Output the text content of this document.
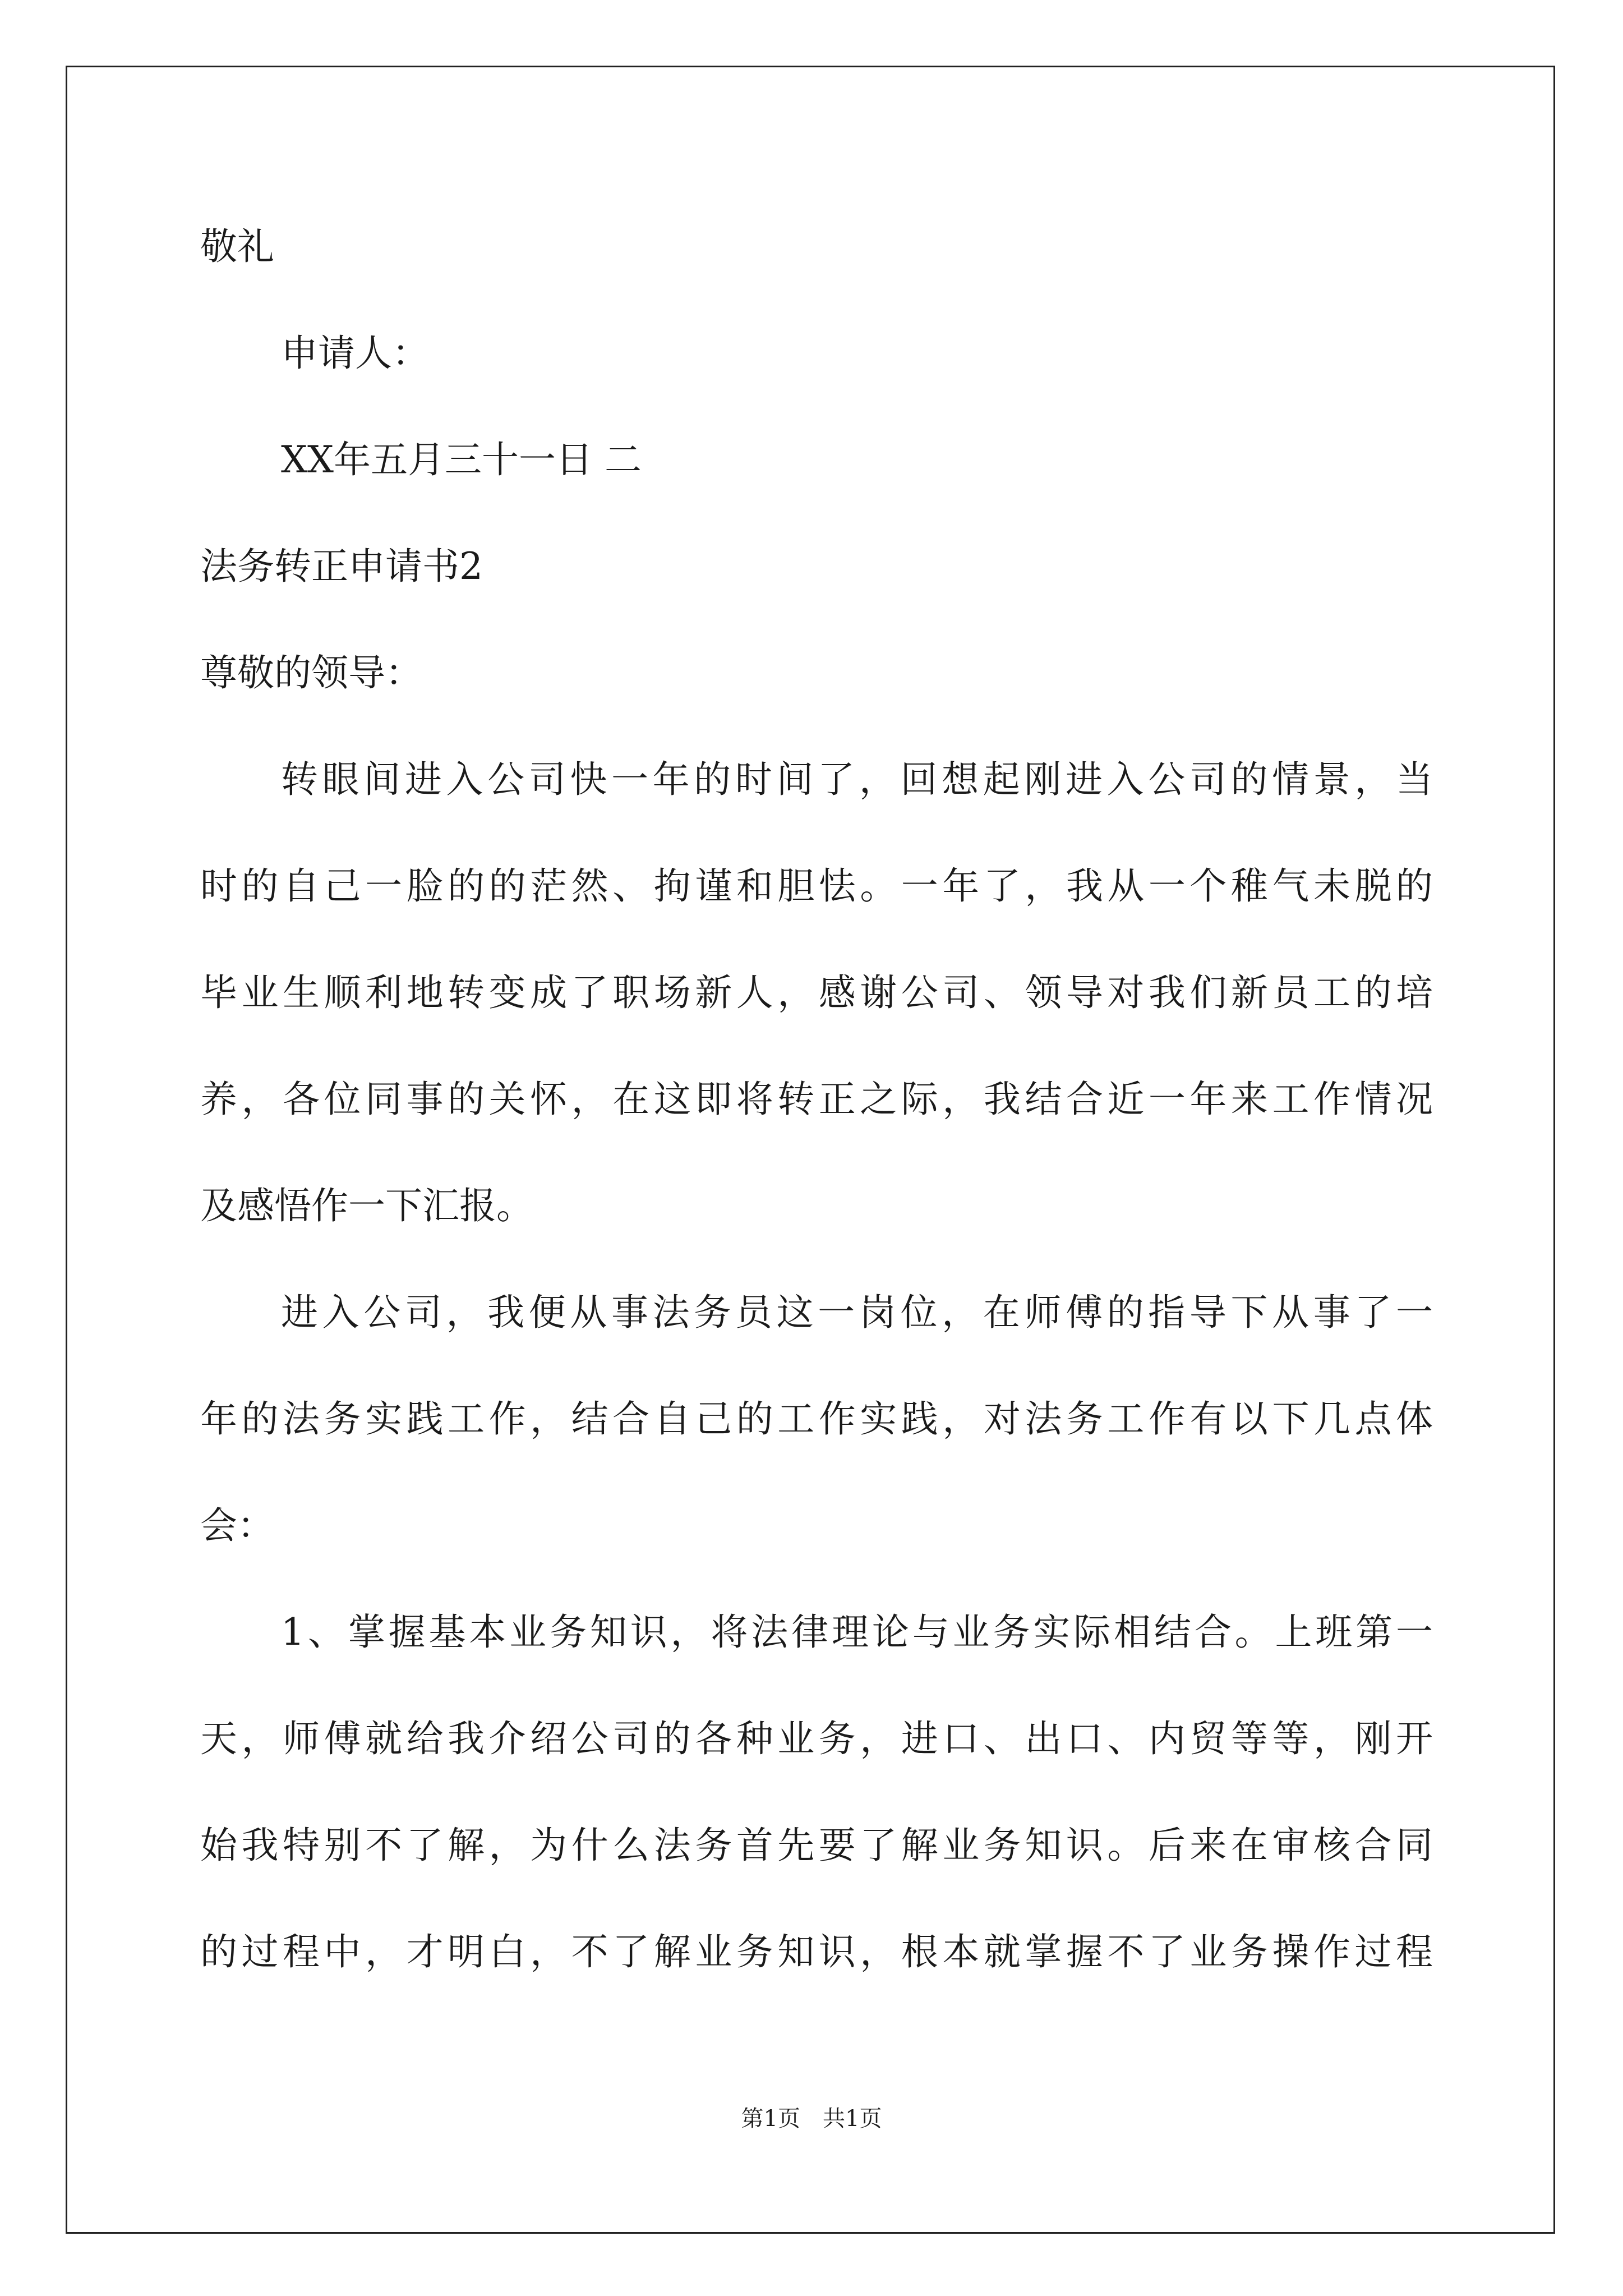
敬礼
申请人：
XX年五月三十一日 二
法务转正申请书2
尊敬的领导：
转眼间进入公司快一年的时间了，回想起刚进入公司的情景，当
时的自己一脸的的茫然、拘谨和胆怯。一年了，我从一个稚气未脱的
毕业生顺利地转变成了职场新人，感谢公司、领导对我们新员工的培
养，各位同事的关怀，在这即将转正之际，我结合近一年来工作情况
及感悟作一下汇报。
进入公司，我便从事法务员这一岗位，在师傅的指导下从事了一
年的法务实践工作，结合自己的工作实践，对法务工作有以下几点体
会：
1、掌握基本业务知识，将法律理论与业务实际相结合。上班第一
天，师傅就给我介绍公司的各种业务，进口、出口、内贸等等，刚开
始我特别不了解，为什么法务首先要了解业务知识。后来在审核合同
的过程中，才明白，不了解业务知识，根本就掌握不了业务操作过程
第1页 共1页
